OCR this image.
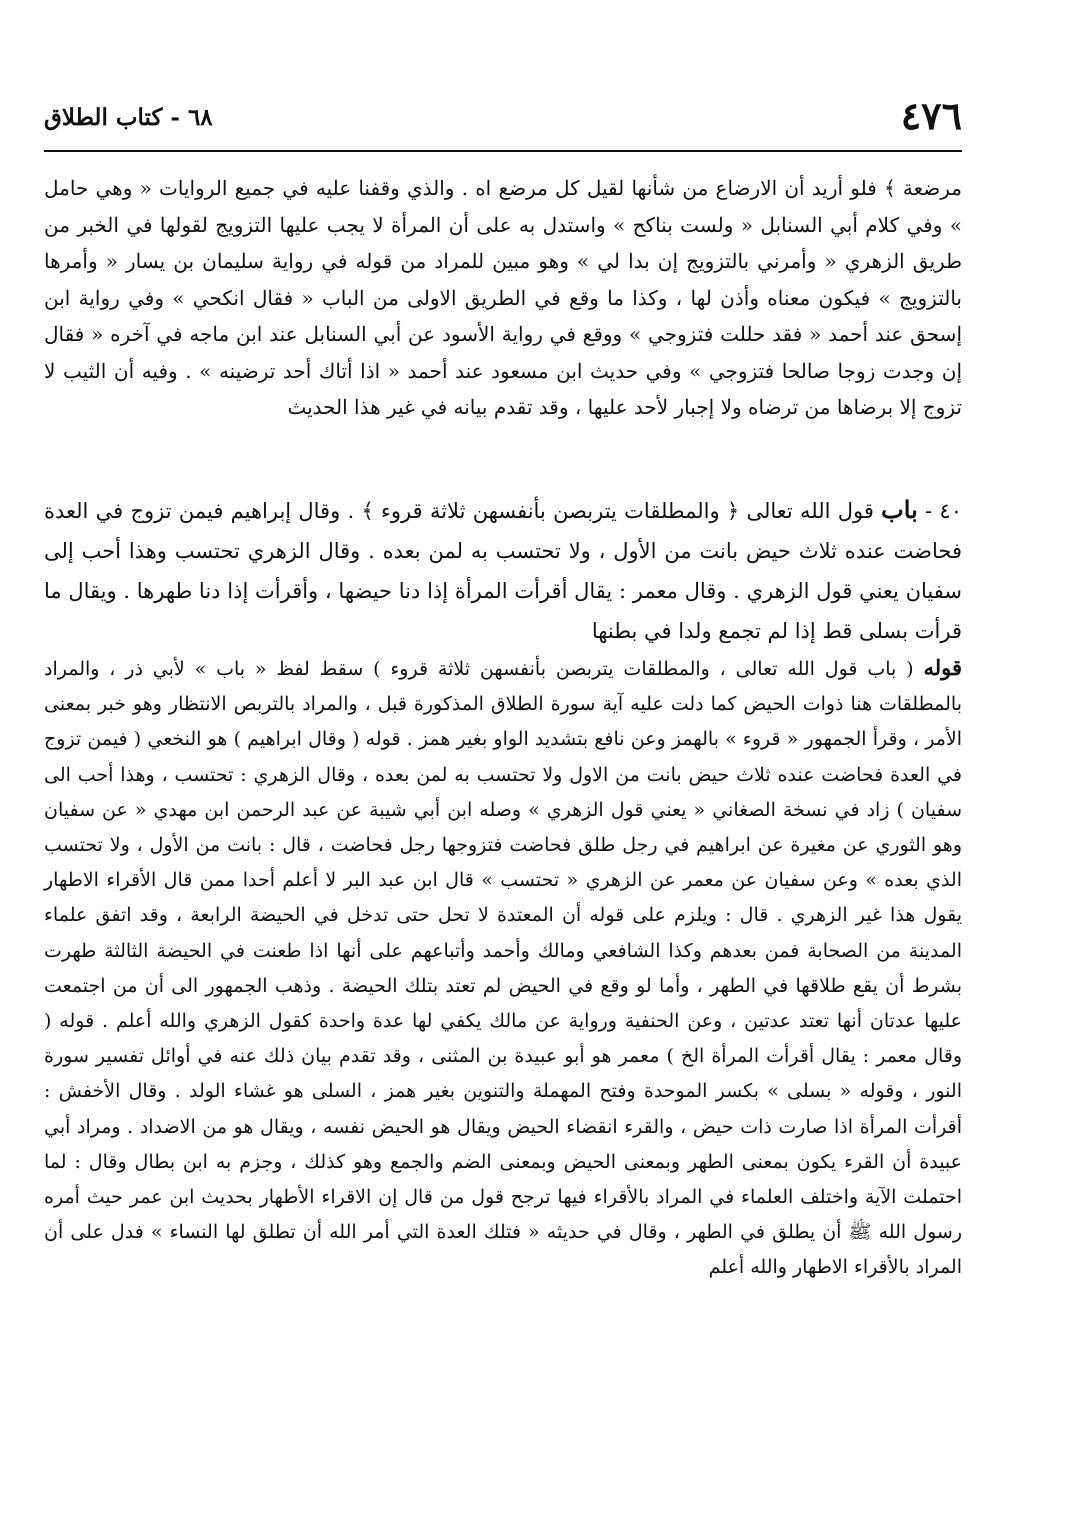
٤٧٦
٦٨ - كتاب الطلاق

مرضعة ﴾ فلو أريد أن الارضاع من شأنها لقيل كل مرضع اه . والذي وقفنا عليه في جميع الروايات « وهي حامل » وفي كلام أبي السنابل « ولست بناكح » واستدل به على أن المرأة لا يجب عليها التزويج لقولها في الخبر من طريق الزهري « وأمرني بالتزويج إن بدا لي » وهو مبين للمراد من قوله في رواية سليمان بن يسار « وأمرها بالتزويج » فيكون معناه وأذن لها ، وكذا ما وقع في الطريق الاولى من الباب « فقال انكحي » وفي رواية ابن إسحق عند أحمد « فقد حللت فتزوجي » ووقع في رواية الأسود عن أبي السنابل عند ابن ماجه في آخره « فقال إن وجدت زوجا صالحا فتزوجي » وفي حديث ابن مسعود عند أحمد « اذا أتاك أحد ترضينه » . وفيه أن الثيب لا تزوج إلا برضاها من ترضاه ولا إجبار لأحد عليها ، وقد تقدم بيانه في غير هذا الحديث

٤٠ - باب قول الله تعالى ﴿ والمطلقات يتربصن بأنفسهن ثلاثة قروء ﴾ . وقال إبراهيم فيمن تزوج في العدة فحاضت عنده ثلاث حيض بانت من الأول ، ولا تحتسب به لمن بعده . وقال الزهري تحتسب وهذا أحب إلى سفيان يعني قول الزهري . وقال معمر : يقال أقرأت المرأة إذا دنا حيضها ، وأقرأت إذا دنا طهرها . ويقال ما قرأت بسلى قط إذا لم تجمع ولدا في بطنها

قوله ( باب قول الله تعالى ، والمطلقات يتربصن بأنفسهن ثلاثة قروء ) سقط لفظ « باب » لأبي ذر ، والمراد بالمطلقات هنا ذوات الحيض كما دلت عليه آية سورة الطلاق المذكورة قبل ، والمراد بالتربص الانتظار وهو خبر بمعنى الأمر ، وقرأ الجمهور « قروء » بالهمز وعن نافع بتشديد الواو بغير همز . قوله ( وقال ابراهيم ) هو النخعي ( فيمن تزوج في العدة فحاضت عنده ثلاث حيض بانت من الاول ولا تحتسب به لمن بعده ، وقال الزهري : تحتسب ، وهذا أحب الى سفيان ) زاد في نسخة الصغاني « يعني قول الزهري » وصله ابن أبي شيبة عن عبد الرحمن ابن مهدي « عن سفيان وهو الثوري عن مغيرة عن ابراهيم في رجل طلق فحاضت فتزوجها رجل فحاضت ، قال : بانت من الأول ، ولا تحتسب الذي بعده » وعن سفيان عن معمر عن الزهري « تحتسب » قال ابن عبد البر لا أعلم أحدا ممن قال الأقراء الاطهار يقول هذا غير الزهري . قال : ويلزم على قوله أن المعتدة لا تحل حتى تدخل في الحيضة الرابعة ، وقد اتفق علماء المدينة من الصحابة فمن بعدهم وكذا الشافعي ومالك وأحمد وأتباعهم على أنها اذا طعنت في الحيضة الثالثة طهرت بشرط أن يقع طلاقها في الطهر ، وأما لو وقع في الحيض لم تعتد بتلك الحيضة . وذهب الجمهور الى أن من اجتمعت عليها عدتان أنها تعتد عدتين ، وعن الحنفية ورواية عن مالك يكفي لها عدة واحدة كقول الزهري والله أعلم . قوله ( وقال معمر : يقال أقرأت المرأة الخ ) معمر هو أبو عبيدة بن المثنى ، وقد تقدم بيان ذلك عنه في أوائل تفسير سورة النور ، وقوله « بسلى » بكسر الموحدة وفتح المهملة والتنوين بغير همز ، السلى هو غشاء الولد . وقال الأخفش : أقرأت المرأة اذا صارت ذات حيض ، والقرء انقضاء الحيض ويقال هو الحيض نفسه ، ويقال هو من الاضداد . ومراد أبي عبيدة أن القرء يكون بمعنى الطهر وبمعنى الحيض وبمعنى الضم والجمع وهو كذلك ، وجزم به ابن بطال وقال : لما احتملت الآية واختلف العلماء في المراد بالأقراء فيها ترجح قول من قال إن الاقراء الأطهار بحديث ابن عمر حيث أمره رسول الله ﷺ أن يطلق في الطهر ، وقال في حديثه « فتلك العدة التي أمر الله أن تطلق لها النساء » فدل على أن المراد بالأقراء الاطهار والله أعلم
